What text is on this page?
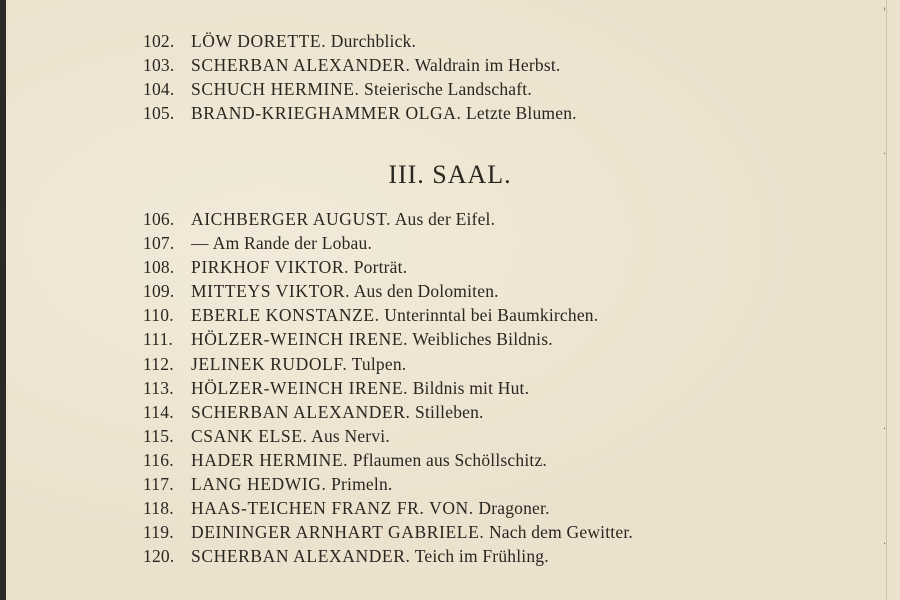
'
·
·
·
102. LÖW DORETTE. Durchblick.
103. SCHERBAN ALEXANDER. Waldrain im Herbst.
104. SCHUCH HERMINE. Steierische Landschaft.
105. BRAND-KRIEGHAMMER OLGA. Letzte Blumen.
III. SAAL.
106. AICHBERGER AUGUST. Aus der Eifel.
107. — Am Rande der Lobau.
108. PIRKHOF VIKTOR. Porträt.
109. MITTEYS VIKTOR. Aus den Dolomiten.
110. EBERLE KONSTANZE. Unterinntal bei Baumkirchen.
111. HÖLZER-WEINCH IRENE. Weibliches Bildnis.
112. JELINEK RUDOLF. Tulpen.
113. HÖLZER-WEINCH IRENE. Bildnis mit Hut.
114. SCHERBAN ALEXANDER. Stilleben.
115. CSANK ELSE. Aus Nervi.
116. HADER HERMINE. Pflaumen aus Schöllschitz.
117. LANG HEDWIG. Primeln.
118. HAAS-TEICHEN FRANZ FR. VON. Dragoner.
119. DEININGER ARNHART GABRIELE. Nach dem Gewitter.
120. SCHERBAN ALEXANDER. Teich im Frühling.
